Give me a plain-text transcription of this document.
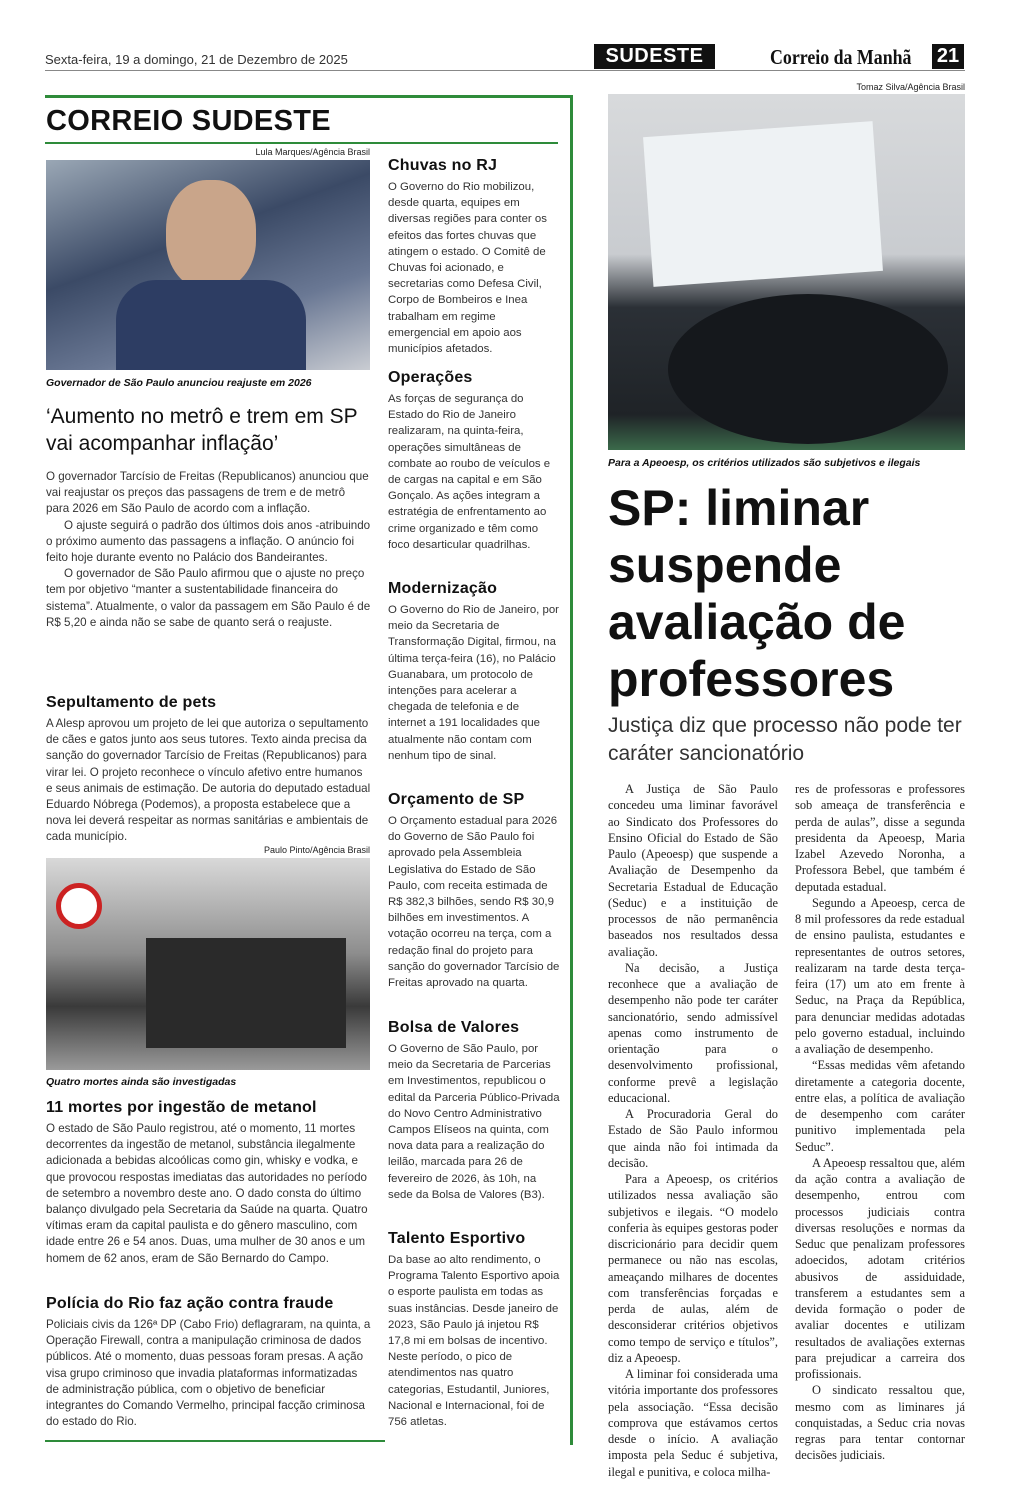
Sexta-feira, 19 a domingo, 21 de Dezembro de 2025	SUDESTE	Correio da Manhã 21
CORREIO SUDESTE
Lula Marques/Agência Brasil
Governador de São Paulo anunciou reajuste em 2026
‘Aumento no metrô e trem em SP vai acompanhar inflação’

O governador Tarcísio de Freitas (Republicanos) anunciou que vai reajustar os preços das passagens de trem e de metrô para 2026 em São Paulo de acordo com a inflação.

O ajuste seguirá o padrão dos últimos dois anos -atribuindo o próximo aumento das passagens a inflação. O anúncio foi feito hoje durante evento no Palácio dos Bandeirantes.

O governador de São Paulo afirmou que o ajuste no preço tem por objetivo “manter a sustentabilidade financeira do sistema”. Atualmente, o valor da passagem em São Paulo é de R$ 5,20 e ainda não se sabe de quanto será o reajuste.

Sepultamento de pets

A Alesp aprovou um projeto de lei que autoriza o sepultamento de cães e gatos junto aos seus tutores. Texto ainda precisa da sanção do governador Tarcísio de Freitas (Republicanos) para virar lei. O projeto reconhece o vínculo afetivo entre humanos e seus animais de estimação. De autoria do deputado estadual Eduardo Nóbrega (Podemos), a proposta estabelece que a nova lei deverá respeitar as normas sanitárias e ambientais de cada município.

Paulo Pinto/Agência Brasil
Quatro mortes ainda são investigadas
11 mortes por ingestão de metanol

O estado de São Paulo registrou, até o momento, 11 mortes decorrentes da ingestão de metanol, substância ilegalmente adicionada a bebidas alcoólicas como gin, whisky e vodka, e que provocou respostas imediatas das autoridades no período de setembro a novembro deste ano. O dado consta do último balanço divulgado pela Secretaria da Saúde na quarta. Quatro vítimas eram da capital paulista e do gênero masculino, com idade entre 26 e 54 anos. Duas, uma mulher de 30 anos e um homem de 62 anos, eram de São Bernardo do Campo.

Polícia do Rio faz ação contra fraude

Policiais civis da 126ª DP (Cabo Frio) deflagraram, na quinta, a Operação Firewall, contra a manipulação criminosa de dados públicos. Até o momento, duas pessoas foram presas. A ação visa grupo criminoso que invadia plataformas informatizadas de administração pública, com o objetivo de beneficiar integrantes do Comando Vermelho, principal facção criminosa do estado do Rio.

Chuvas no RJ

O Governo do Rio mobilizou, desde quarta, equipes em diversas regiões para conter os efeitos das fortes chuvas que atingem o estado. O Comitê de Chuvas foi acionado, e secretarias como Defesa Civil, Corpo de Bombeiros e Inea trabalham em regime emergencial em apoio aos municípios afetados.

Operações

As forças de segurança do Estado do Rio de Janeiro realizaram, na quinta-feira, operações simultâneas de combate ao roubo de veículos e de cargas na capital e em São Gonçalo. As ações integram a estratégia de enfrentamento ao crime organizado e têm como foco desarticular quadrilhas.

Modernização

O Governo do Rio de Janeiro, por meio da Secretaria de Transformação Digital, firmou, na última terça-feira (16), no Palácio Guanabara, um protocolo de intenções para acelerar a chegada de telefonia e de internet a 191 localidades que atualmente não contam com nenhum tipo de sinal.

Orçamento de SP

O Orçamento estadual para 2026 do Governo de São Paulo foi aprovado pela Assembleia Legislativa do Estado de São Paulo, com receita estimada de R$ 382,3 bilhões, sendo R$ 30,9 bilhões em investimentos. A votação ocorreu na terça, com a redação final do projeto para sanção do governador Tarcísio de Freitas aprovado na quarta.

Bolsa de Valores

O Governo de São Paulo, por meio da Secretaria de Parcerias em Investimentos, republicou o edital da Parceria Público-Privada do Novo Centro Administrativo Campos Elíseos na quinta, com nova data para a realização do leilão, marcada para 26 de fevereiro de 2026, às 10h, na sede da Bolsa de Valores (B3).

Talento Esportivo

Da base ao alto rendimento, o Programa Talento Esportivo apoia o esporte paulista em todas as suas instâncias. Desde janeiro de 2023, São Paulo já injetou R$ 17,8 mi em bolsas de incentivo. Neste período, o pico de atendimentos nas quatro categorias, Estudantil, Juniores, Nacional e Internacional, foi de 756 atletas.

Tomaz Silva/Agência Brasil
Para a Apeoesp, os critérios utilizados são subjetivos e ilegais
SP: liminar suspende avaliação de professores
Justiça diz que processo não pode ter caráter sancionatório

A Justiça de São Paulo concedeu uma liminar favorável ao Sindicato dos Professores do Ensino Oficial do Estado de São Paulo (Apeoesp) que suspende a Avaliação de Desempenho da Secretaria Estadual de Educação (Seduc) e a instituição de processos de não permanência baseados nos resultados dessa avaliação.

Na decisão, a Justiça reconhece que a avaliação de desempenho não pode ter caráter sancionatório, sendo admissível apenas como instrumento de orientação para o desenvolvimento profissional, conforme prevê a legislação educacional.

A Procuradoria Geral do Estado de São Paulo informou que ainda não foi intimada da decisão.

Para a Apeoesp, os critérios utilizados nessa avaliação são subjetivos e ilegais. “O modelo conferia às equipes gestoras poder discricionário para decidir quem permanece ou não nas escolas, ameaçando milhares de docentes com transferências forçadas e perda de aulas, além de desconsiderar critérios objetivos como tempo de serviço e títulos”, diz a Apeoesp.

A liminar foi considerada uma vitória importante dos professores pela associação. “Essa decisão comprova que estávamos certos desde o início. A avaliação imposta pela Seduc é subjetiva, ilegal e punitiva, e coloca milha-

res de professoras e professores sob ameaça de transferência e perda de aulas”, disse a segunda presidenta da Apeoesp, Maria Izabel Azevedo Noronha, a Professora Bebel, que também é deputada estadual.

Segundo a Apeoesp, cerca de 8 mil professores da rede estadual de ensino paulista, estudantes e representantes de outros setores, realizaram na tarde desta terça-feira (17) um ato em frente à Seduc, na Praça da República, para denunciar medidas adotadas pelo governo estadual, incluindo a avaliação de desempenho.

“Essas medidas vêm afetando diretamente a categoria docente, entre elas, a política de avaliação de desempenho com caráter punitivo implementada pela Seduc”.

A Apeoesp ressaltou que, além da ação contra a avaliação de desempenho, entrou com processos judiciais contra diversas resoluções e normas da Seduc que penalizam professores adoecidos, adotam critérios abusivos de assiduidade, transferem a estudantes sem a devida formação o poder de avaliar docentes e utilizam resultados de avaliações externas para prejudicar a carreira dos profissionais.

O sindicato ressaltou que, mesmo com as liminares já conquistadas, a Seduc cria novas regras para tentar contornar decisões judiciais.
